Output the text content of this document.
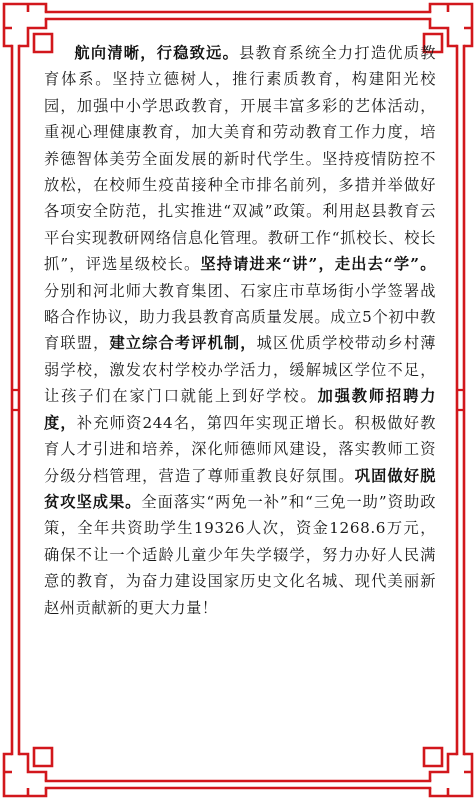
航向清晰，行稳致远。县教育系统全力打造优质教育体系。坚持立德树人，推行素质教育，构建阳光校园，加强中小学思政教育，开展丰富多彩的艺体活动，重视心理健康教育，加大美育和劳动教育工作力度，培养德智体美劳全面发展的新时代学生。坚持疫情防控不放松，在校师生疫苗接种全市排名前列，多措并举做好各项安全防范，扎实推进“双减”政策。利用赵县教育云平台实现教研网络信息化管理。教研工作“抓校长、校长抓”，评选星级校长。坚持请进来“讲”，走出去“学”。分别和河北师大教育集团、石家庄市草场街小学签署战略合作协议，助力我县教育高质量发展。成立5个初中教育联盟，建立综合考评机制，城区优质学校带动乡村薄弱学校，激发农村学校办学活力，缓解城区学位不足，让孩子们在家门口就能上到好学校。加强教师招聘力度，补充师资244名，第四年实现正增长。积极做好教育人才引进和培养，深化师德师风建设，落实教师工资分级分档管理，营造了尊师重教良好氛围。巩固做好脱贫攻坚成果。全面落实“两免一补”和“三免一助”资助政策，全年共资助学生19326人次，资金1268.6万元，确保不让一个适龄儿童少年失学辍学，努力办好人民满意的教育，为奋力建设国家历史文化名城、现代美丽新赵州贡献新的更大力量！
